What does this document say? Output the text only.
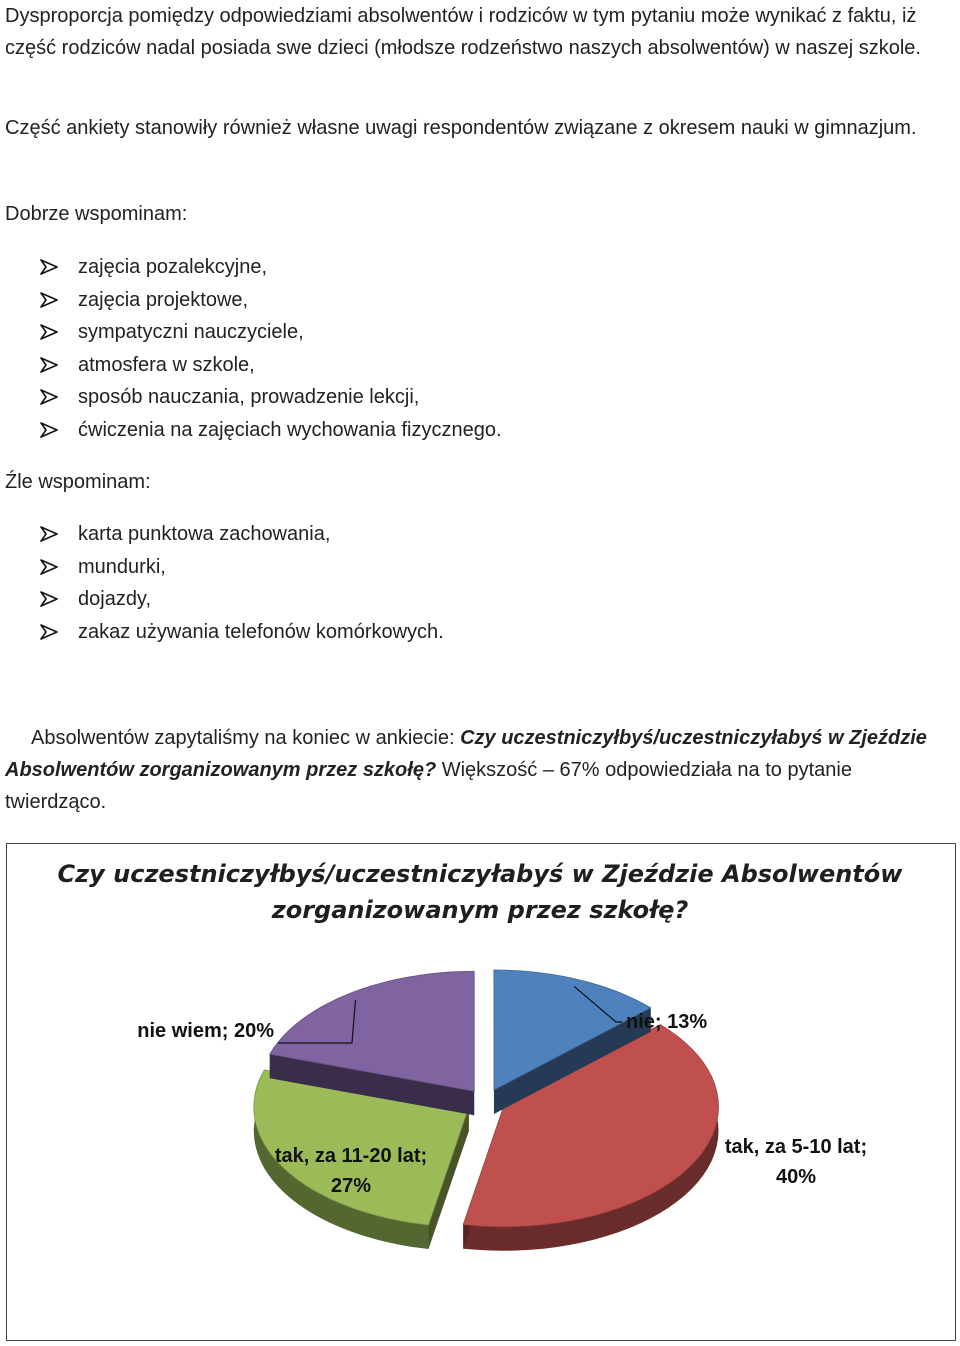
Dysproporcja pomiędzy odpowiedziami absolwentów i rodziców w tym pytaniu może wynikać z faktu, iż część rodziców nadal posiada swe dzieci (młodsze rodzeństwo naszych absolwentów) w naszej szkole.

Część ankiety stanowiły również własne uwagi respondentów związane z okresem nauki w gimnazjum.

Dobrze wspominam:

zajęcia pozalekcyjne,
zajęcia projektowe,
sympatyczni nauczyciele,
atmosfera w szkole,
sposób nauczania, prowadzenie lekcji,
ćwiczenia na zajęciach wychowania fizycznego.

Źle wspominam:

karta punktowa zachowania,
mundurki,
dojazdy,
zakaz używania telefonów komórkowych.

Absolwentów zapytaliśmy na koniec w ankiecie: Czy uczestniczyłbyś/uczestniczyłabyś w Zjeździe Absolwentów zorganizowanym przez szkołę? Większość – 67% odpowiedziała na to pytanie twierdząco.

Czy uczestniczyłbyś/uczestniczyłabyś w Zjeździe Absolwentów zorganizowanym przez szkołę?
nie; 13%
tak, za 5-10 lat; 40%
tak, za 11-20 lat; 27%
nie wiem; 20%
